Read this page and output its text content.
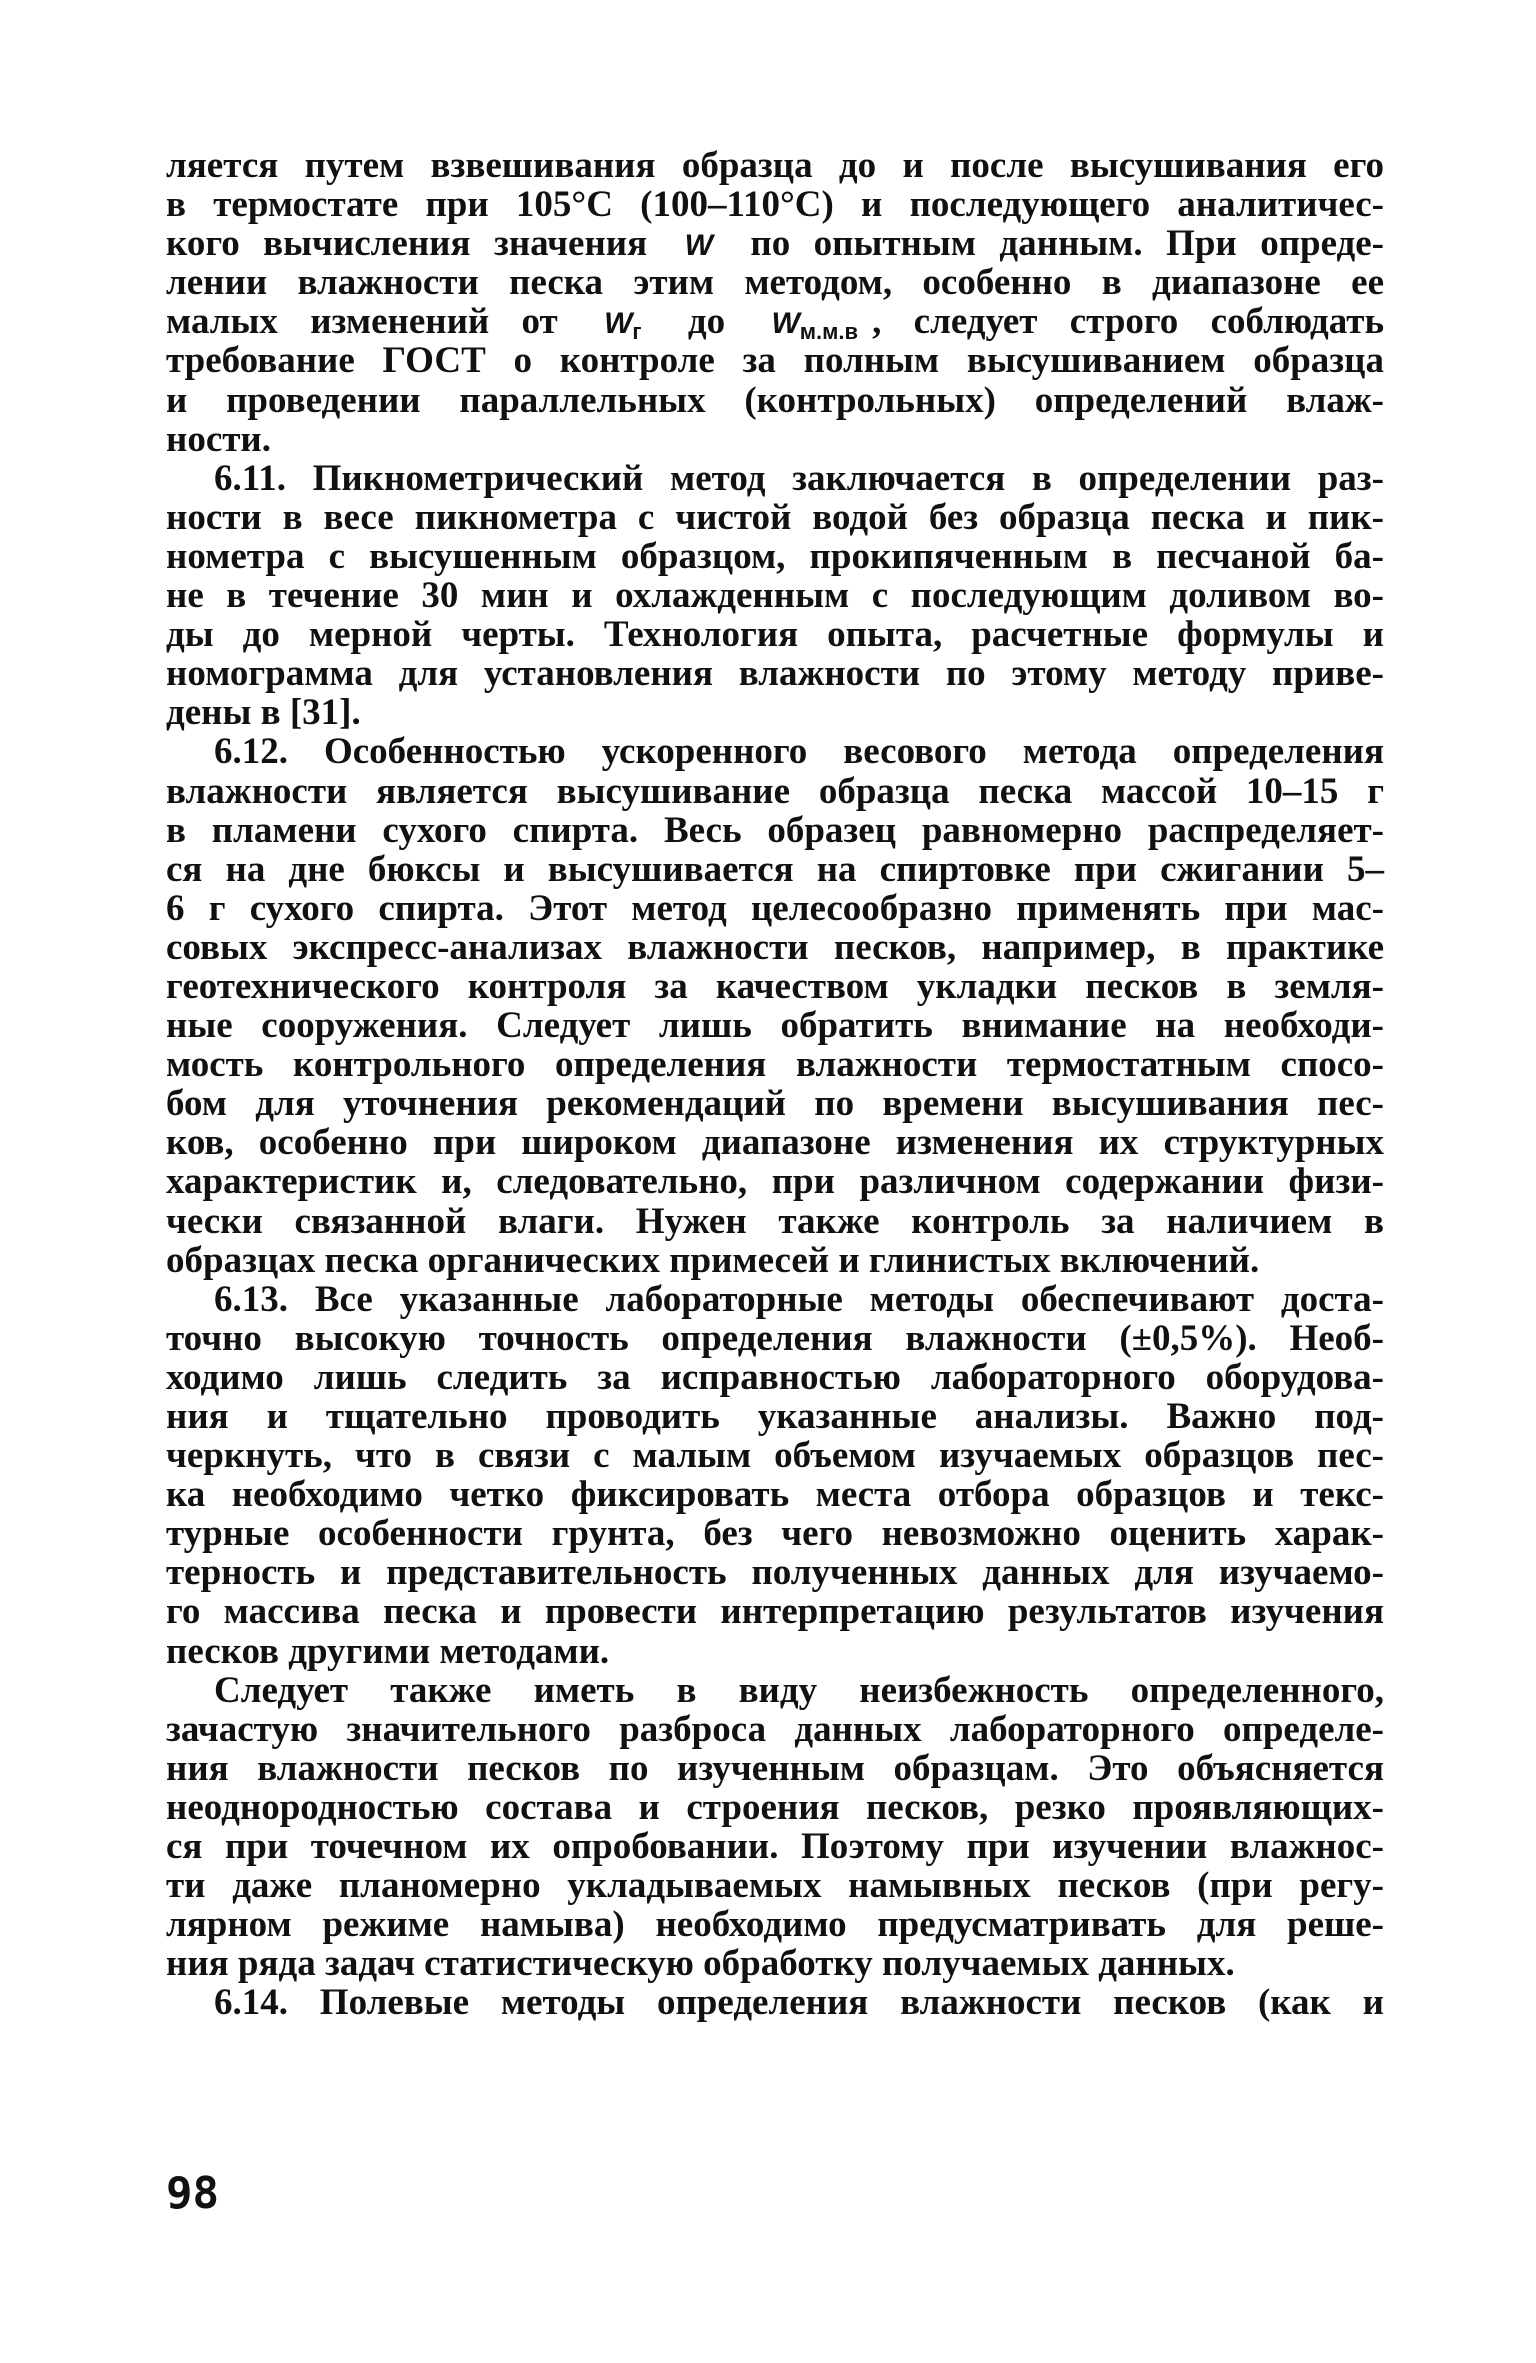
ляется путем взвешивания образца до и после высушивания его
в термостате при 105°C (100–110°C) и последующего аналитичес-
кого вычисления значения W по опытным данным. При опреде-
лении влажности песка этим методом, особенно в диапазоне ее
малых изменений от $W_г$ до $W_{м.м.в}$ , следует строго соблюдать
требование ГОСТ о контроле за полным высушиванием образца
и проведении параллельных (контрольных) определений влаж-
ности.
6.11. Пикнометрический метод заключается в определении раз-
ности в весе пикнометра с чистой водой без образца песка и пик-
нометра с высушенным образцом, прокипяченным в песчаной ба-
не в течение 30 мин и охлажденным с последующим доливом во-
ды до мерной черты. Технология опыта, расчетные формулы и
номограмма для установления влажности по этому методу приве-
дены в [31].
6.12. Особенностью ускоренного весового метода определения
влажности является высушивание образца песка массой 10–15 г
в пламени сухого спирта. Весь образец равномерно распределяет-
ся на дне бюксы и высушивается на спиртовке при сжигании 5–
6 г сухого спирта. Этот метод целесообразно применять при мас-
совых экспресс-анализах влажности песков, например, в практике
геотехнического контроля за качеством укладки песков в земля-
ные сооружения. Следует лишь обратить внимание на необходи-
мость контрольного определения влажности термостатным спосо-
бом для уточнения рекомендаций по времени высушивания пес-
ков, особенно при широком диапазоне изменения их структурных
характеристик и, следовательно, при различном содержании физи-
чески связанной влаги. Нужен также контроль за наличием в
образцах песка органических примесей и глинистых включений.
6.13. Все указанные лабораторные методы обеспечивают доста-
точно высокую точность определения влажности (±0,5%). Необ-
ходимо лишь следить за исправностью лабораторного оборудова-
ния и тщательно проводить указанные анализы. Важно под-
черкнуть, что в связи с малым объемом изучаемых образцов пес-
ка необходимо четко фиксировать места отбора образцов и текс-
турные особенности грунта, без чего невозможно оценить харак-
терность и представительность полученных данных для изучаемо-
го массива песка и провести интерпретацию результатов изучения
песков другими методами.
Следует также иметь в виду неизбежность определенного,
зачастую значительного разброса данных лабораторного определе-
ния влажности песков по изученным образцам. Это объясняется
неоднородностью состава и строения песков, резко проявляющих-
ся при точечном их опробовании. Поэтому при изучении влажнос-
ти даже планомерно укладываемых намывных песков (при регу-
лярном режиме намыва) необходимо предусматривать для реше-
ния ряда задач статистическую обработку получаемых данных.
6.14. Полевые методы определения влажности песков (как и
98
